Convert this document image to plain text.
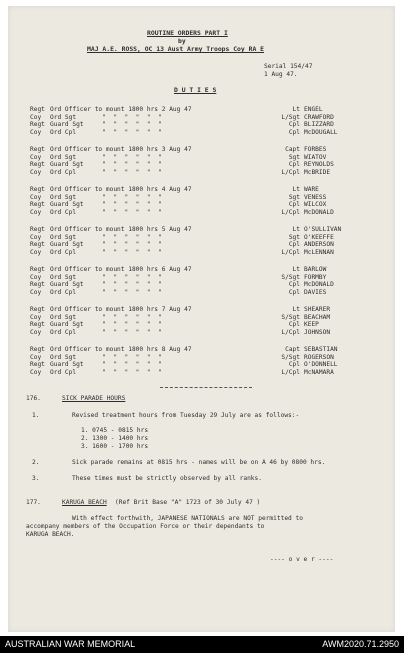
ROUTINE ORDERS PART I
by
MAJ A.E. ROSS, OC 13 Aust Army Troops Coy RA E
Serial 154/47
1 Aug 47.
D U T I E S
Regt Ord Officer to mount 1800 hrs 2 Aug 47	Lt ENGEL
Coy Ord Sgt       "  "  "  "  "  "	L/Sgt CRAWFORD
Regt Guard Sgt     "  "  "  "  "  "	Cpl BLIZZARD
Coy Ord Cpl       "  "  "  "  "  "	Cpl McDOUGALL
Regt Ord Officer to mount 1800 hrs 3 Aug 47	Capt FORBES
Coy Ord Sgt       "  "  "  "  "  "	Sgt WIATOV
Regt Guard Sgt     "  "  "  "  "  "	Cpl REYNOLDS
Coy Ord Cpl       "  "  "  "  "  "	L/Cpl McBRIDE
Regt Ord Officer to mount 1800 hrs 4 Aug 47	Lt WARE
Coy Ord Sgt       "  "  "  "  "  "	Sgt VENESS
Regt Guard Sgt     "  "  "  "  "  "	Cpl WILCOX
Coy Ord Cpl       "  "  "  "  "  "	L/Cpl McDONALD
Regt Ord Officer to mount 1800 hrs 5 Aug 47	Lt O'SULLIVAN
Coy Ord Sgt       "  "  "  "  "  "	Sgt O'KEEFFE
Regt Guard Sgt     "  "  "  "  "  "	Cpl ANDERSON
Coy Ord Cpl       "  "  "  "  "  "	L/Cpl McLENNAN
Regt Ord Officer to mount 1800 hrs 6 Aug 47	Lt BARLOW
Coy Ord Sgt       "  "  "  "  "  "	S/Sgt FORMBY
Regt Guard Sgt     "  "  "  "  "  "	Cpl McDONALD
Coy Ord Cpl       "  "  "  "  "  "	Cpl DAVIES
Regt Ord Officer to mount 1800 hrs 7 Aug 47	Lt SHEARER
Coy Ord Sgt       "  "  "  "  "  "	S/Sgt BEACHAM
Regt Guard Sgt     "  "  "  "  "  "	Cpl KEEP
Coy Ord Cpl       "  "  "  "  "  "	L/Cpl JOHNSON
Regt Ord Officer to mount 1800 hrs 8 Aug 47	Capt SEBASTIAN
Coy Ord Sgt       "  "  "  "  "  "	S/Sgt ROGERSON
Regt Guard Sgt     "  "  "  "  "  "	Cpl O'DONNELL
Coy Ord Cpl       "  "  "  "  "  "	L/Cpl McNAMARA
176.	SICK PARADE HOURS
1.	Revised treatment hours from Tuesday 29 July are as follows:-
1. 0745 - 0815 hrs
2. 1300 - 1400 hrs
3. 1600 - 1700 hrs
2.	Sick parade remains at 0815 hrs - names will be on A 46 by 0800 hrs.
3.	These times must be strictly observed by all ranks.
177.	KARUGA BEACH (Ref Brit Base "A" 1723 of 30 July 47 )
With effect forthwith, JAPANESE NATIONALS are NOT permitted to
accompany members of the Occupation Force or their dependants to
KARUGA BEACH.
---- o v e r ----
AUSTRALIAN WAR MEMORIAL	AWM2020.71.2950
